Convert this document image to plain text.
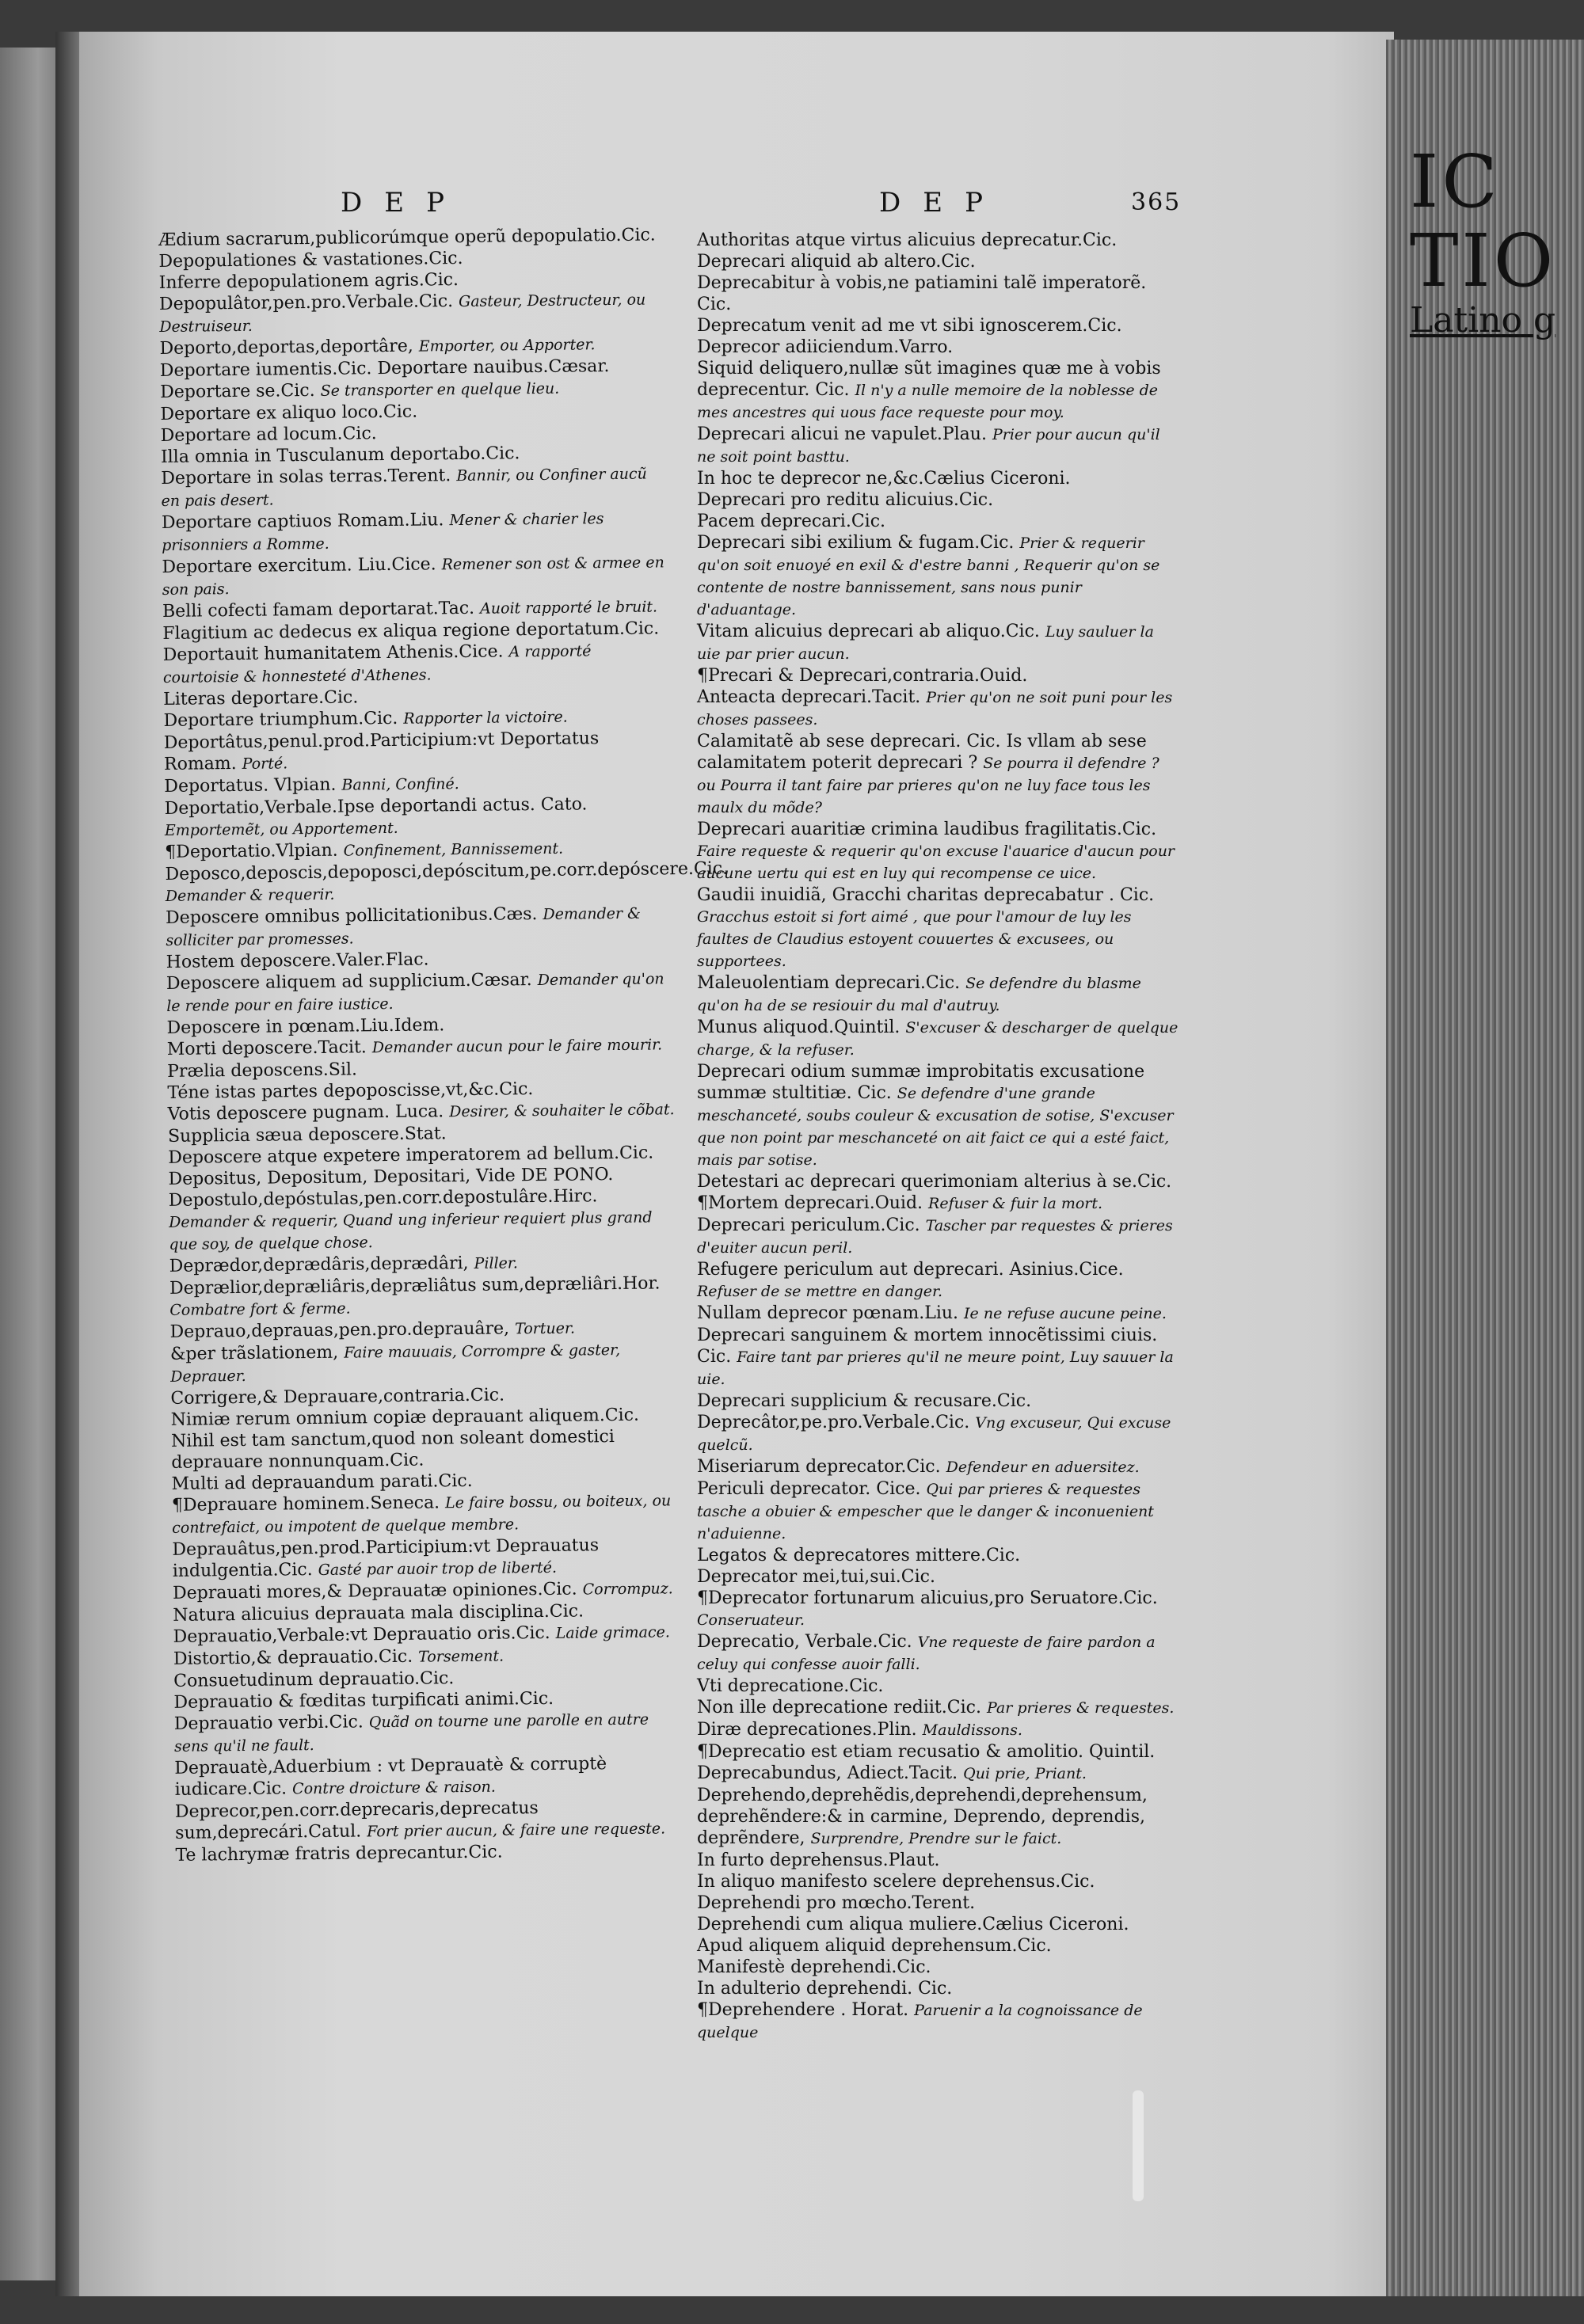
IC TIO
Latino g
DEP	DEP	365

Ædium sacrarum,publicorúmque operũ depopulatio.Cic.

Depopulationes & vastationes.Cic.

Inferre depopulationem agris.Cic.

Depopulâtor,pen.pro.Verbale.Cic. Gasteur, Destructeur, ou Destruiseur.

Deporto,deportas,deportâre, Emporter, ou Apporter.

Deportare iumentis.Cic. Deportare nauibus.Cæsar.

Deportare se.Cic. Se transporter en quelque lieu.

Deportare ex aliquo loco.Cic.

Deportare ad locum.Cic.

Illa omnia in Tusculanum deportabo.Cic.

Deportare in solas terras.Terent. Bannir, ou Confiner aucũ en pais desert.

Deportare captiuos Romam.Liu. Mener & charier les prisonniers a Romme.

Deportare exercitum. Liu.Cice. Remener son ost & armee en son pais.

Belli cofecti famam deportarat.Tac. Auoit rapporté le bruit.

Flagitium ac dedecus ex aliqua regione deportatum.Cic.

Deportauit humanitatem Athenis.Cice. A rapporté courtoisie & honnesteté d'Athenes.

Literas deportare.Cic.

Deportare triumphum.Cic. Rapporter la victoire.

Deportâtus,penul.prod.Participium:vt Deportatus Romam. Porté.

Deportatus. Vlpian. Banni, Confiné.

Deportatio,Verbale.Ipse deportandi actus. Cato. Emportemẽt, ou Apportement.

¶Deportatio.Vlpian. Confinement, Bannissement.

Deposco,deposcis,depoposci,depóscitum,pe.corr.depóscere.Cic. Demander & requerir.

Deposcere omnibus pollicitationibus.Cæs. Demander & solliciter par promesses.

Hostem deposcere.Valer.Flac.

Deposcere aliquem ad supplicium.Cæsar. Demander qu'on le rende pour en faire iustice.

Deposcere in pœnam.Liu.Idem.

Morti deposcere.Tacit. Demander aucun pour le faire mourir.

Prælia deposcens.Sil.

Téne istas partes depoposcisse,vt,&c.Cic.

Votis deposcere pugnam. Luca. Desirer, & souhaiter le cõbat.

Supplicia sæua deposcere.Stat.

Deposcere atque expetere imperatorem ad bellum.Cic.

Depositus, Depositum, Depositari, Vide DE PONO.

Depostulo,depóstulas,pen.corr.depostulâre.Hirc. Demander & requerir, Quand ung inferieur requiert plus grand que soy, de quelque chose.

Deprædor,deprædâris,deprædâri, Piller.

Deprælior,depræliâris,depræliâtus sum,depræliâri.Hor. Combatre fort & ferme.

Deprauo,deprauas,pen.pro.deprauâre, Tortuer.

&per trãslationem, Faire mauuais, Corrompre & gaster, Deprauer.

Corrigere,& Deprauare,contraria.Cic.

Nimiæ rerum omnium copiæ deprauant aliquem.Cic.

Nihil est tam sanctum,quod non soleant domestici deprauare nonnunquam.Cic.

Multi ad deprauandum parati.Cic.

¶Deprauare hominem.Seneca. Le faire bossu, ou boiteux, ou contrefaict, ou impotent de quelque membre.

Deprauâtus,pen.prod.Participium:vt Deprauatus indulgentia.Cic. Gasté par auoir trop de liberté.

Deprauati mores,& Deprauatæ opiniones.Cic. Corrompuz.

Natura alicuius deprauata mala disciplina.Cic.

Deprauatio,Verbale:vt Deprauatio oris.Cic. Laide grimace.

Distortio,& deprauatio.Cic. Torsement.

Consuetudinum deprauatio.Cic.

Deprauatio & fœditas turpificati animi.Cic.

Deprauatio verbi.Cic. Quãd on tourne une parolle en autre sens qu'il ne fault.

Deprauatè,Aduerbium : vt Deprauatè & corruptè iudicare.Cic. Contre droicture & raison.

Deprecor,pen.corr.deprecaris,deprecatus sum,deprecári.Catul. Fort prier aucun, & faire une requeste.

Te lachrymæ fratris deprecantur.Cic.

Authoritas atque virtus alicuius deprecatur.Cic.

Deprecari aliquid ab altero.Cic.

Deprecabitur à vobis,ne patiamini talẽ imperatorẽ. Cic.

Deprecatum venit ad me vt sibi ignoscerem.Cic.

Deprecor adiiciendum.Varro.

Siquid deliquero,nullæ sũt imagines quæ me à vobis deprecentur. Cic. Il n'y a nulle memoire de la noblesse de mes ancestres qui uous face requeste pour moy.

Deprecari alicui ne vapulet.Plau. Prier pour aucun qu'il ne soit point basttu.

In hoc te deprecor ne,&c.Cælius Ciceroni.

Deprecari pro reditu alicuius.Cic.

Pacem deprecari.Cic.

Deprecari sibi exilium & fugam.Cic. Prier & requerir qu'on soit enuoyé en exil & d'estre banni , Requerir qu'on se contente de nostre bannissement, sans nous punir d'aduantage.

Vitam alicuius deprecari ab aliquo.Cic. Luy sauluer la uie par prier aucun.

¶Precari & Deprecari,contraria.Ouid.

Anteacta deprecari.Tacit. Prier qu'on ne soit puni pour les choses passees.

Calamitatẽ ab sese deprecari. Cic. Is vllam ab sese calamitatem poterit deprecari ? Se pourra il defendre ? ou Pourra il tant faire par prieres qu'on ne luy face tous les maulx du mõde?

Deprecari auaritiæ crimina laudibus fragilitatis.Cic. Faire requeste & requerir qu'on excuse l'auarice d'aucun pour aucune uertu qui est en luy qui recompense ce uice.

Gaudii inuidiã, Gracchi charitas deprecabatur . Cic. Gracchus estoit si fort aimé , que pour l'amour de luy les faultes de Claudius estoyent couuertes & excusees, ou supportees.

Maleuolentiam deprecari.Cic. Se defendre du blasme qu'on ha de se resiouir du mal d'autruy.

Munus aliquod.Quintil. S'excuser & descharger de quelque charge, & la refuser.

Deprecari odium summæ improbitatis excusatione summæ stultitiæ. Cic. Se defendre d'une grande meschanceté, soubs couleur & excusation de sotise, S'excuser que non point par meschanceté on ait faict ce qui a esté faict, mais par sotise.

Detestari ac deprecari querimoniam alterius à se.Cic.

¶Mortem deprecari.Ouid. Refuser & fuir la mort.

Deprecari periculum.Cic. Tascher par requestes & prieres d'euiter aucun peril.

Refugere periculum aut deprecari. Asinius.Cice. Refuser de se mettre en danger.

Nullam deprecor pœnam.Liu. Ie ne refuse aucune peine.

Deprecari sanguinem & mortem innocẽtissimi ciuis. Cic. Faire tant par prieres qu'il ne meure point, Luy sauuer la uie.

Deprecari supplicium & recusare.Cic.

Deprecâtor,pe.pro.Verbale.Cic. Vng excuseur, Qui excuse quelcũ.

Miseriarum deprecator.Cic. Defendeur en aduersitez.

Periculi deprecator. Cice. Qui par prieres & requestes tasche a obuier & empescher que le danger & inconuenient n'aduienne.

Legatos & deprecatores mittere.Cic.

Deprecator mei,tui,sui.Cic.

¶Deprecator fortunarum alicuius,pro Seruatore.Cic. Conseruateur.

Deprecatio, Verbale.Cic. Vne requeste de faire pardon a celuy qui confesse auoir falli.

Vti deprecatione.Cic.

Non ille deprecatione rediit.Cic. Par prieres & requestes.

Diræ deprecationes.Plin. Mauldissons.

¶Deprecatio est etiam recusatio & amolitio. Quintil.

Deprecabundus, Adiect.Tacit. Qui prie, Priant.

Deprehendo,deprehẽdis,deprehendi,deprehensum, deprehẽndere:& in carmine, Deprendo, deprendis, deprẽndere, Surprendre, Prendre sur le faict.

In furto deprehensus.Plaut.

In aliquo manifesto scelere deprehensus.Cic.

Deprehendi pro mœcho.Terent.

Deprehendi cum aliqua muliere.Cælius Ciceroni.

Apud aliquem aliquid deprehensum.Cic.

Manifestè deprehendi.Cic.

In adulterio deprehendi. Cic.

¶Deprehendere . Horat. Paruenir a la cognoissance de quelque
